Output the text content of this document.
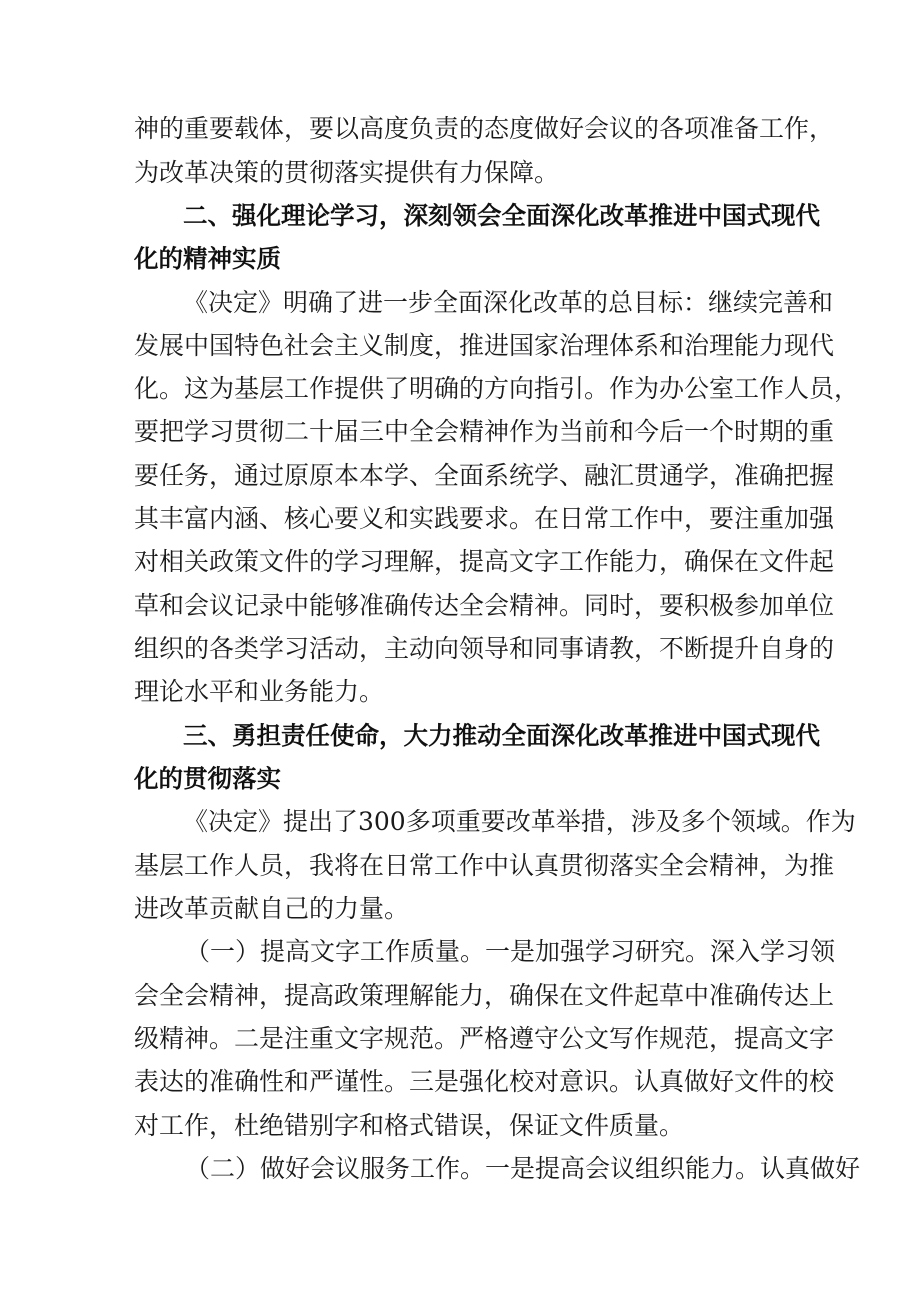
神的重要载体，要以高度负责的态度做好会议的各项准备工作，
为改革决策的贯彻落实提供有力保障。
二、强化理论学习，深刻领会全面深化改革推进中国式现代
化的精神实质
《决定》明确了进一步全面深化改革的总目标：继续完善和
发展中国特色社会主义制度，推进国家治理体系和治理能力现代
化。这为基层工作提供了明确的方向指引。作为办公室工作人员，
要把学习贯彻二十届三中全会精神作为当前和今后一个时期的重
要任务，通过原原本本学、全面系统学、融汇贯通学，准确把握
其丰富内涵、核心要义和实践要求。在日常工作中，要注重加强
对相关政策文件的学习理解，提高文字工作能力，确保在文件起
草和会议记录中能够准确传达全会精神。同时，要积极参加单位
组织的各类学习活动，主动向领导和同事请教，不断提升自身的
理论水平和业务能力。
三、勇担责任使命，大力推动全面深化改革推进中国式现代
化的贯彻落实
《决定》提出了300多项重要改革举措，涉及多个领域。作为
基层工作人员，我将在日常工作中认真贯彻落实全会精神，为推
进改革贡献自己的力量。
（一）提高文字工作质量。一是加强学习研究。深入学习领
会全会精神，提高政策理解能力，确保在文件起草中准确传达上
级精神。二是注重文字规范。严格遵守公文写作规范，提高文字
表达的准确性和严谨性。三是强化校对意识。认真做好文件的校
对工作，杜绝错别字和格式错误，保证文件质量。
（二）做好会议服务工作。一是提高会议组织能力。认真做好
